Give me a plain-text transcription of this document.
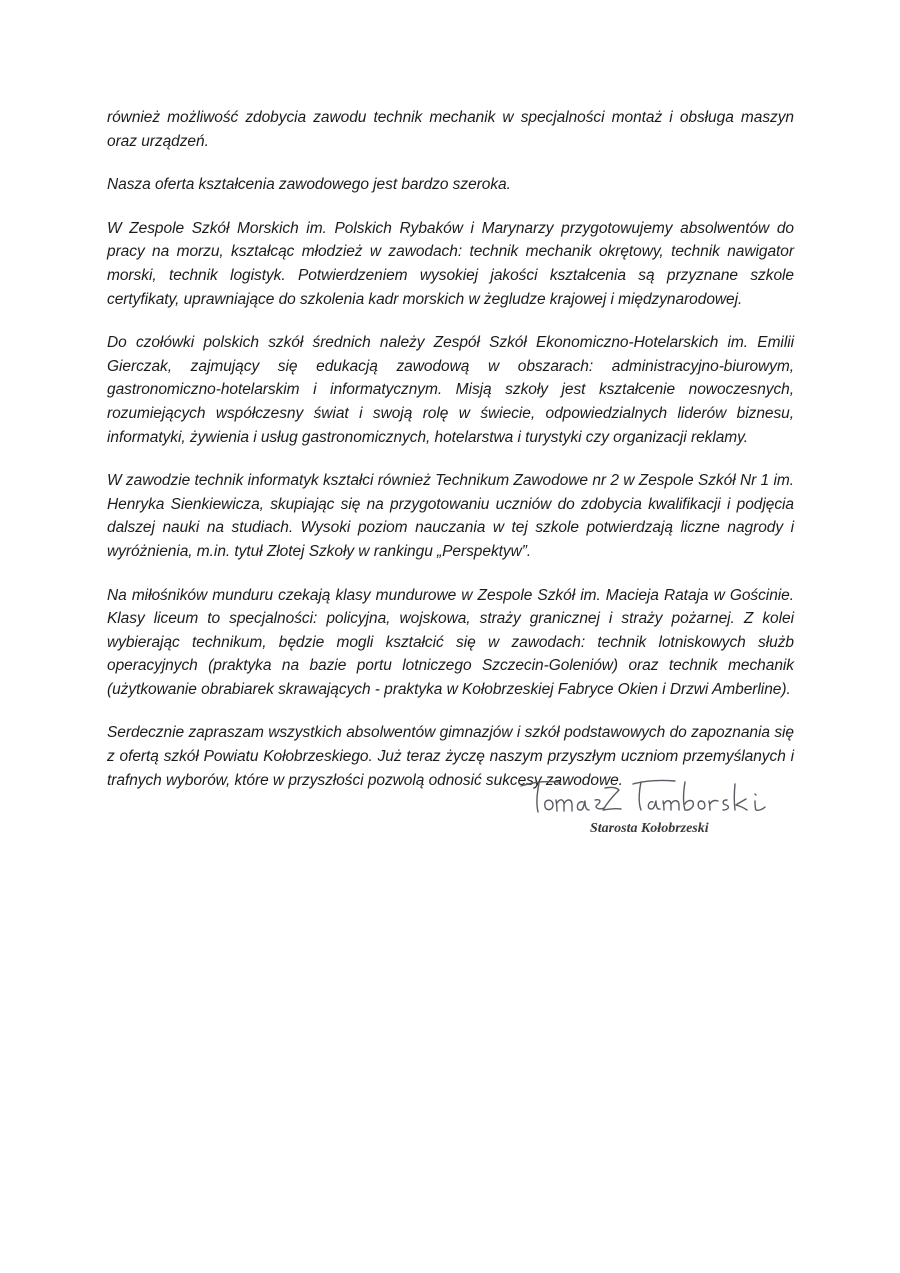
również możliwość zdobycia zawodu technik mechanik w specjalności montaż i obsługa maszyn oraz urządzeń.

Nasza oferta kształcenia zawodowego jest bardzo szeroka.

W Zespole Szkół Morskich im. Polskich Rybaków i Marynarzy przygotowujemy absolwentów do pracy na morzu, kształcąc młodzież w zawodach: technik mechanik okrętowy, technik nawigator morski, technik logistyk. Potwierdzeniem wysokiej jakości kształcenia są przyznane szkole certyfikaty, uprawniające do szkolenia kadr morskich w żegludze krajowej i międzynarodowej.

Do czołówki polskich szkół średnich należy Zespół Szkół Ekonomiczno-Hotelarskich im. Emilii Gierczak, zajmujący się edukacją zawodową w obszarach: administracyjno-biurowym, gastronomiczno-hotelarskim i informatycznym. Misją szkoły jest kształcenie nowoczesnych, rozumiejących współczesny świat i swoją rolę w świecie, odpowiedzialnych liderów biznesu, informatyki, żywienia i usług gastronomicznych, hotelarstwa i turystyki czy organizacji reklamy.

W zawodzie technik informatyk kształci również Technikum Zawodowe nr 2 w Zespole Szkół Nr 1 im. Henryka Sienkiewicza, skupiając się na przygotowaniu uczniów do zdobycia kwalifikacji i podjęcia dalszej nauki na studiach. Wysoki poziom nauczania w tej szkole potwierdzają liczne nagrody i wyróżnienia, m.in. tytuł Złotej Szkoły w rankingu „Perspektyw”.

Na miłośników munduru czekają klasy mundurowe w Zespole Szkół im. Macieja Rataja w Gościnie. Klasy liceum to specjalności: policyjna, wojskowa, straży granicznej i straży pożarnej. Z kolei wybierając technikum, będzie mogli kształcić się w zawodach: technik lotniskowych służb operacyjnych (praktyka na bazie portu lotniczego Szczecin-Goleniów) oraz technik mechanik (użytkowanie obrabiarek skrawających - praktyka w Kołobrzeskiej Fabryce Okien i Drzwi Amberline).

Serdecznie zapraszam wszystkich absolwentów gimnazjów i szkół podstawowych do zapoznania się z ofertą szkół Powiatu Kołobrzeskiego. Już teraz życzę naszym przyszłym uczniom przemyślanych i trafnych wyborów, które w przyszłości pozwolą odnosić sukcesy zawodowe.

Starosta Kołobrzeski
